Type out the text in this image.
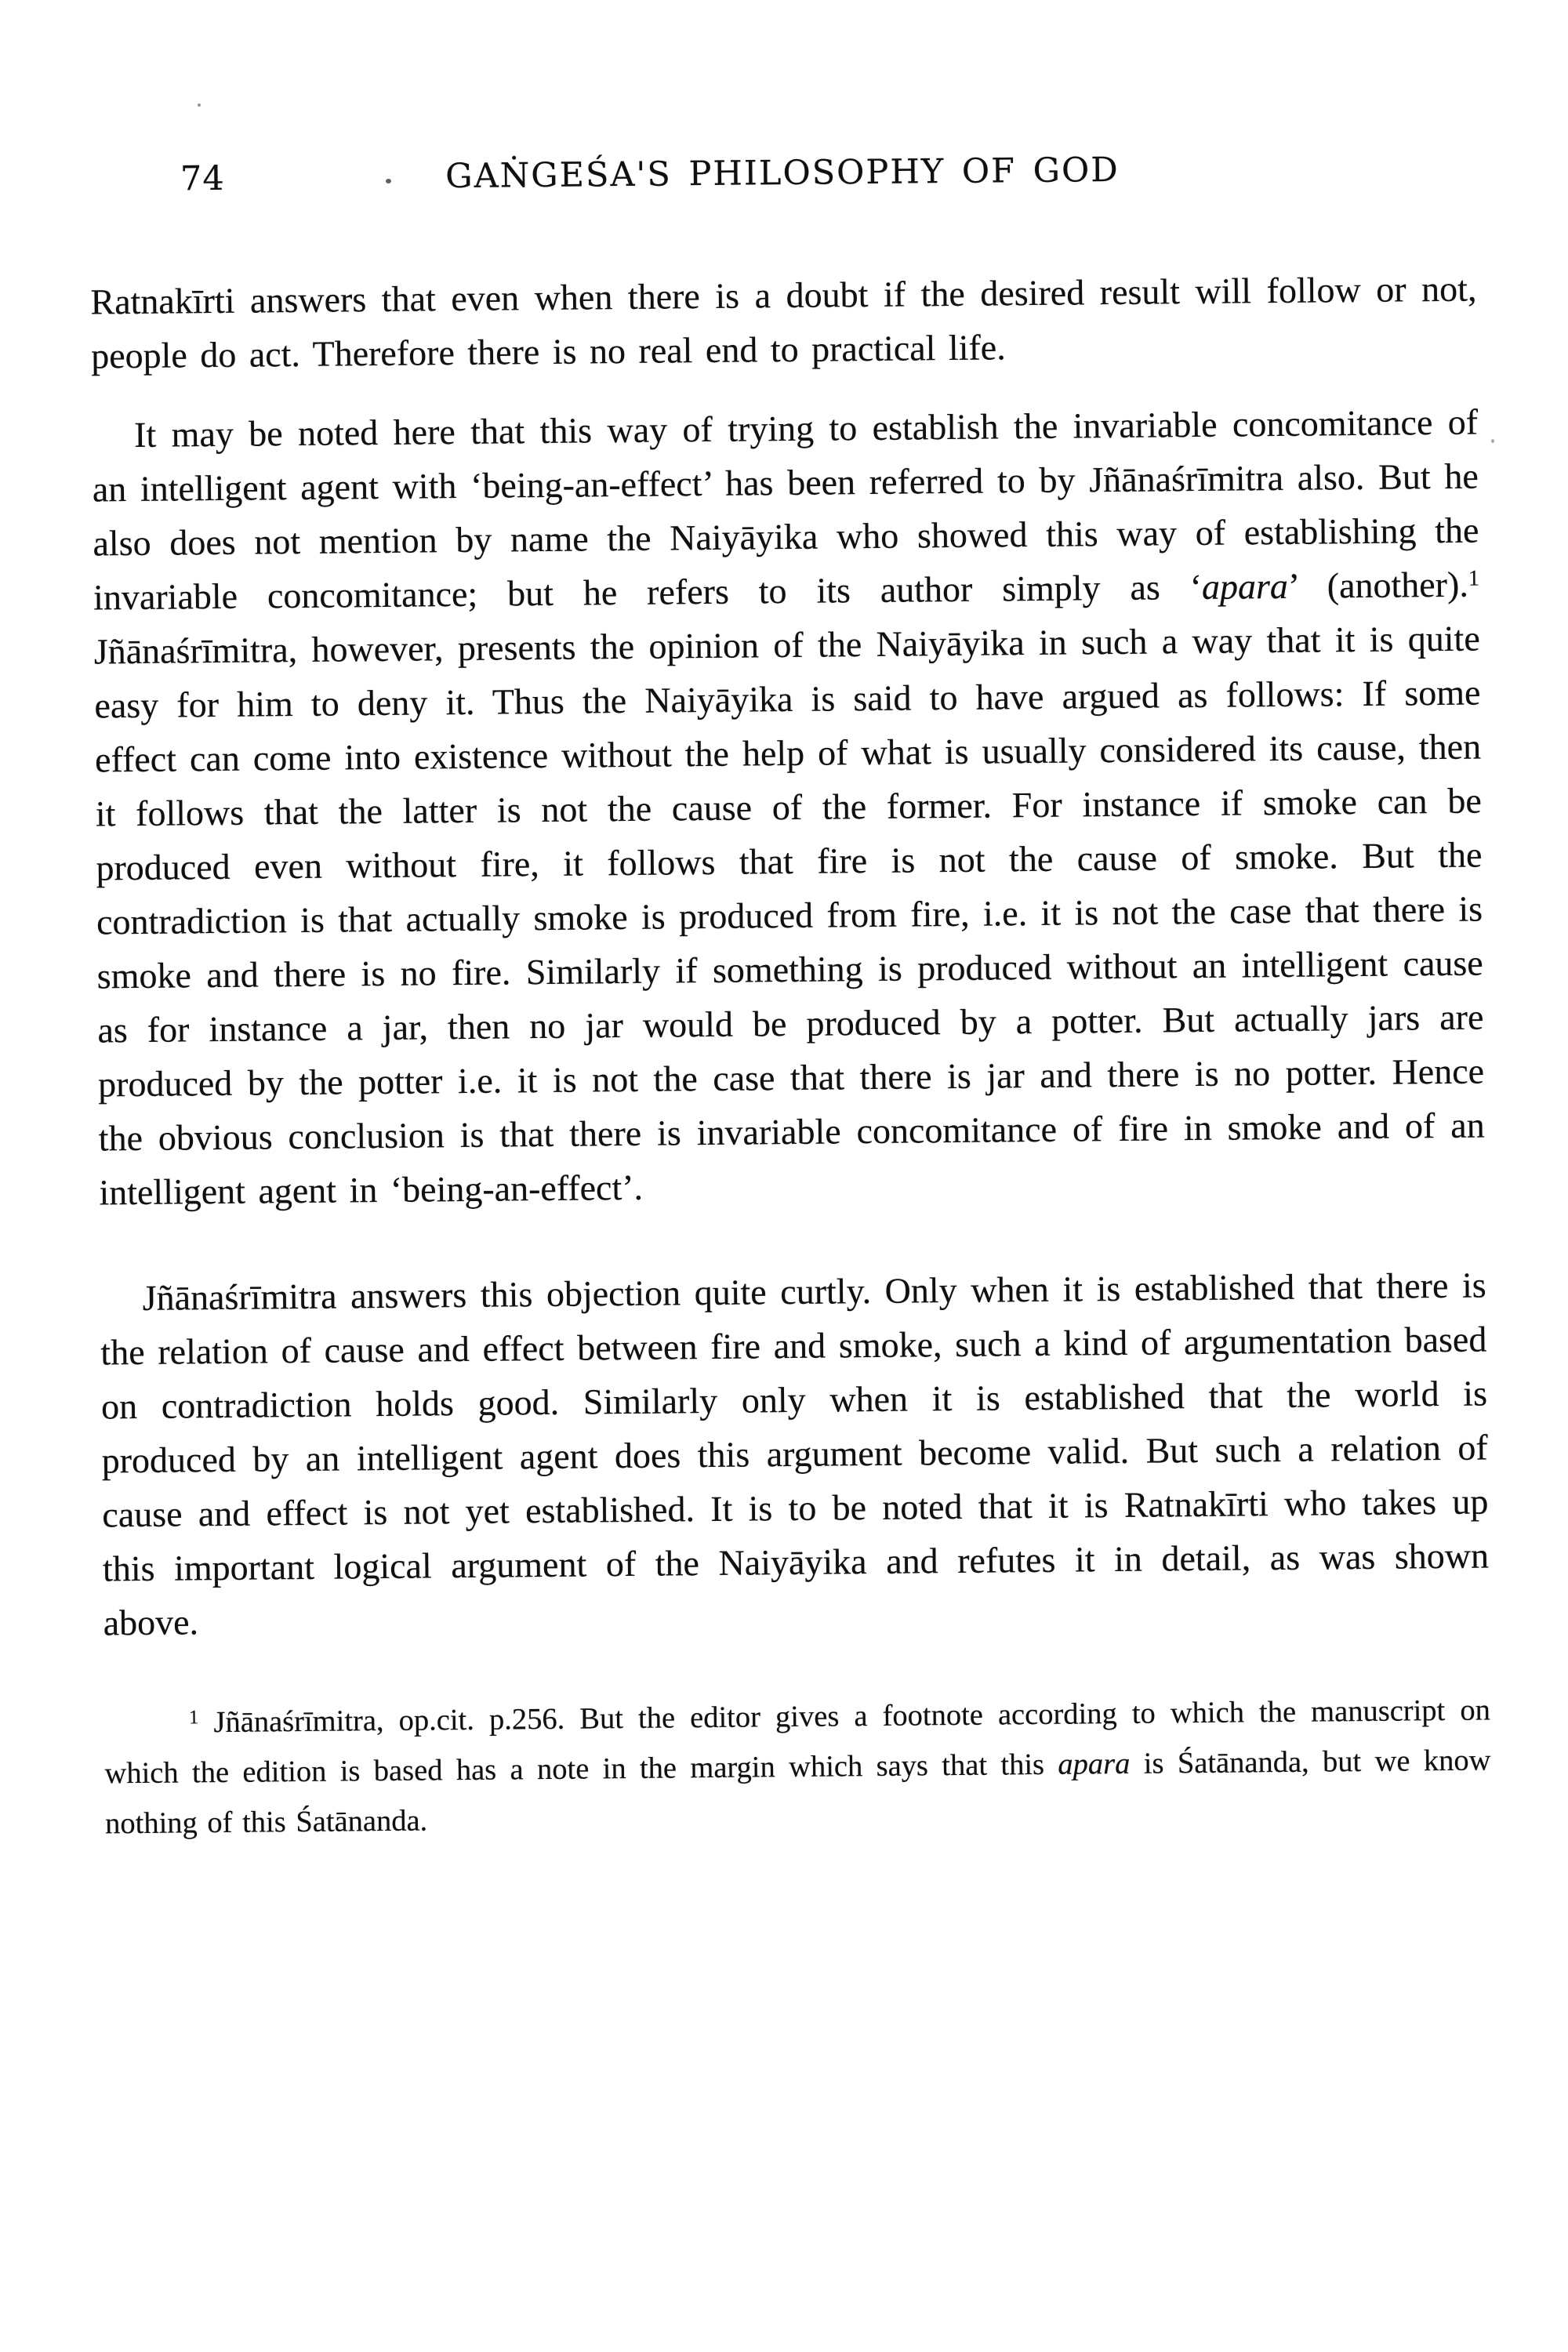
74	GAṄGEŚA'S PHILOSOPHY OF GOD

Ratnakīrti answers that even when there is a doubt if the desired result will follow or not, people do act. Therefore there is no real end to practical life.

It may be noted here that this way of trying to establish the invariable concomitance of an intelligent agent with ‘being-an-effect’ has been referred to by Jñānaśrīmitra also. But he also does not mention by name the Naiyāyika who showed this way of establishing the invariable concomitance; but he refers to its author simply as ‘apara’ (another).$^1$ Jñānaśrīmitra, however, presents the opinion of the Naiyāyika in such a way that it is quite easy for him to deny it. Thus the Naiyāyika is said to have argued as follows: If some effect can come into existence without the help of what is usually considered its cause, then it follows that the latter is not the cause of the former. For instance if smoke can be produced even without fire, it follows that fire is not the cause of smoke. But the contradiction is that actually smoke is produced from fire, i.e. it is not the case that there is smoke and there is no fire. Similarly if something is produced without an intelligent cause as for instance a jar, then no jar would be produced by a potter. But actually jars are produced by the potter i.e. it is not the case that there is jar and there is no potter. Hence the obvious conclusion is that there is invariable concomitance of fire in smoke and of an intelligent agent in ‘being-an-effect’.

Jñānaśrīmitra answers this objection quite curtly. Only when it is established that there is the relation of cause and effect between fire and smoke, such a kind of argumentation based on contradiction holds good. Similarly only when it is established that the world is produced by an intelligent agent does this argument become valid. But such a relation of cause and effect is not yet established. It is to be noted that it is Ratnakīrti who takes up this important logical argument of the Naiyāyika and refutes it in detail, as was shown above.

$^1$ Jñānaśrīmitra, op.cit. p.256. But the editor gives a footnote according to which the manuscript on which the edition is based has a note in the margin which says that this apara is Śatānanda, but we know nothing of this Śatānanda.
